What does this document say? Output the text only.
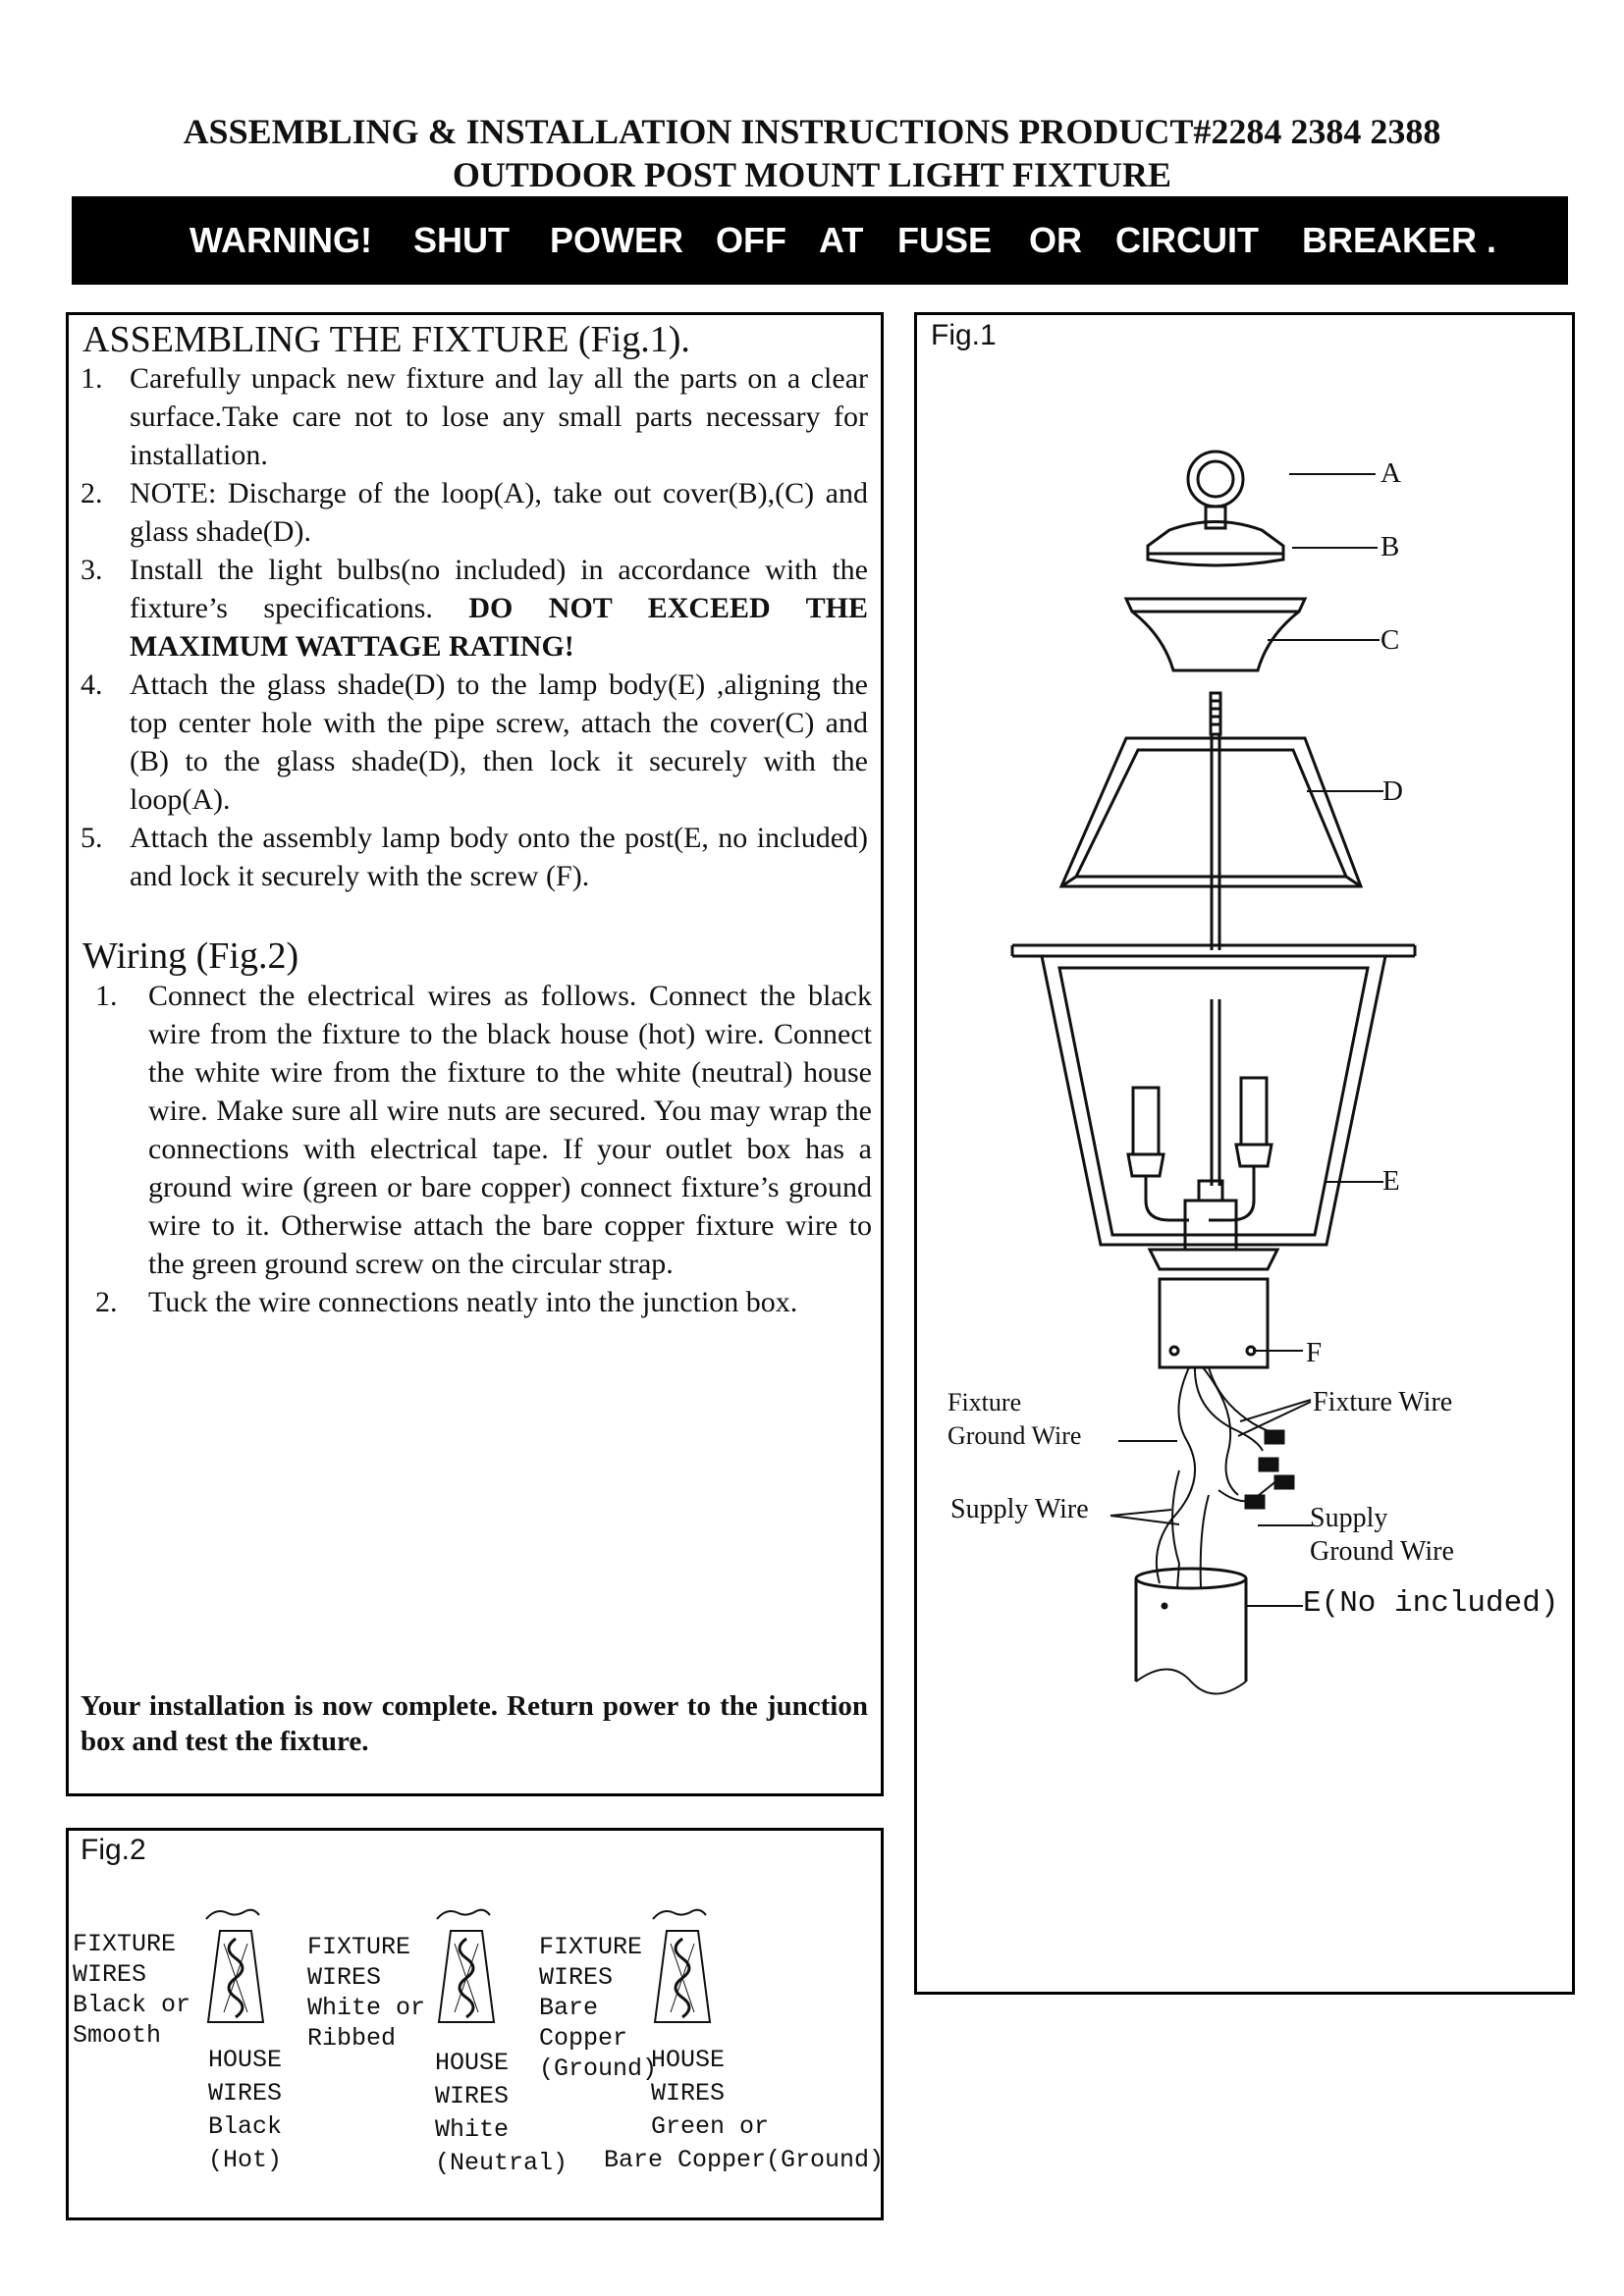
ASSEMBLING & INSTALLATION INSTRUCTIONS PRODUCT#2284 2384 2388
OUTDOOR POST MOUNT LIGHT FIXTURE
WARNING! SHUT POWER OFF AT FUSE OR CIRCUIT BREAKER .
ASSEMBLING THE FIXTURE (Fig.1).
1. Carefully unpack new fixture and lay all the parts on a clear surface.Take care not to lose any small parts necessary for installation.
2. NOTE: Discharge of the loop(A), take out cover(B),(C) and glass shade(D).
3. Install the light bulbs(no included) in accordance with the fixture’s specifications. DO NOT EXCEED THE MAXIMUM WATTAGE RATING!
4. Attach the glass shade(D) to the lamp body(E) ,aligning the top center hole with the pipe screw, attach the cover(C) and (B) to the glass shade(D), then lock it securely with the loop(A).
5. Attach the assembly lamp body onto the post(E, no included) and lock it securely with the screw (F).
Wiring (Fig.2)
1. Connect the electrical wires as follows. Connect the black wire from the fixture to the black house (hot) wire. Connect the white wire from the fixture to the white (neutral) house wire. Make sure all wire nuts are secured. You may wrap the connections with electrical tape. If your outlet box has a ground wire (green or bare copper) connect fixture’s ground wire to it. Otherwise attach the bare copper fixture wire to the green ground screw on the circular strap.
2. Tuck the wire connections neatly into the junction box.
Your installation is now complete. Return power to the junction box and test the fixture.
Fig.2
FIXTURE
WIRES
Black or
Smooth
HOUSE
WIRES
Black
(Hot)
FIXTURE
WIRES
White or
Ribbed
HOUSE
WIRES
White
(Neutral)
FIXTURE
WIRES
Bare
Copper
(Ground)
HOUSE
WIRES
Green or
Bare Copper(Ground)
Fig.1
A
B
C
D
E
F
Fixture
Ground Wire
Fixture Wire
Supply Wire	Supply
Ground Wire
E(No included)
